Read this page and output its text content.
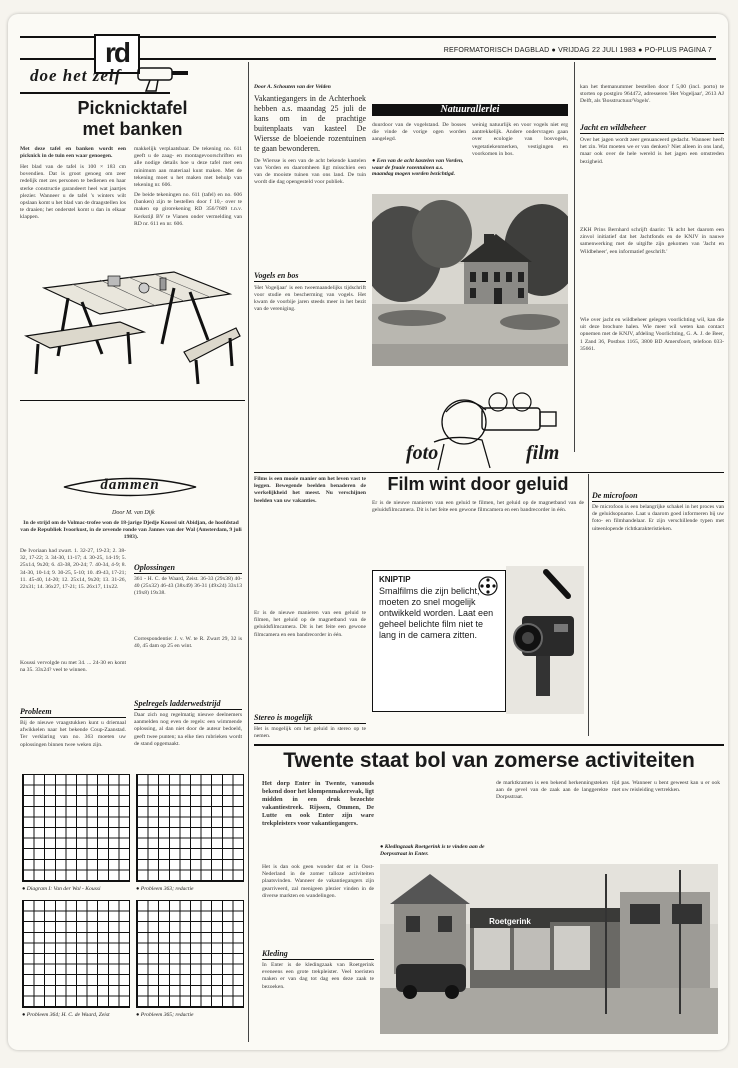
rd	REFORMATORISCH DAGBLAD ● VRIJDAG 22 JULI 1983 ● PO-PLUS PAGINA 7
doe het zelf
Picknicktafel
met banken
Met deze tafel en banken wordt een picknick in de tuin een waar genoegen.
Het blad van de tafel is 100 × 183 cm bovendien. Dat is groot genoeg om zeer redelijk met zes personen te bedienen en haar sterke constructie garandeert heel wat jaartjes plezier. Wanneer u de tafel 's winters wilt opslaan komt u het blad van de draagstellen los te draaien; het onderstel komt u dan in elkaar klappen.
makkelijk verplaatsbaar. De tekening no. 611 geeft u de zaag- en montagevoorschriften en alle nodige details hoe u deze tafel met een minimum aan materiaal kunt maken. Met de tekening moet u het maken met behulp van tekening nr. 606.
De beide tekeningen no. 611 (tafel) en no. 606 (banken) zijn te bestellen door f 10,- over te maken op girorekening RD 356/7609 t.n.v. Kerkstijl BV te Vianen onder vermelding van RD nr. 611 en nr. 606.
dammen
Door M. van Dijk
In de strijd om de Volmac-trofee won de 18-jarige Djedje Koussi uit Abidjan, de hoofdstad van de Republiek Ivoorkust, in de zevende ronde van Jannes van der Wal (Amsterdam, 9 juli 1983).
De Ivoriaan had zwart. 1. 32-27, 19-23; 2. 38-32, 17-22; 3. 34-30, 11-17; 4. 30-25, 14-19; 5. 25x14, 9x20; 6. 43-38, 20-24; 7. 40-34, 4-9; 8. 34-30, 10-14; 9. 30-25, 5-10; 10. 49-43, 17-21; 11. 45-40, 14-20; 12. 25x14, 9x20; 13. 31-26, 22x31; 14. 36x27, 17-21; 15. 26x17, 11x22.
Koussi vervolgde nu met 34. ... 24-30 en komt na 35. 33x24? veel te winnen.
Probleem
Bij de nieuwe vraagstukken kunt u driemaal afwikkelen naar het bekende Coup-Zaanstad. Ter verklaring van no. 363 moeten uw oplossingen binnen twee weken zijn.
Oplossingen
361 - H. C. de Waard, Zeist. 36-33 (29x38) 40-40 (25x32) 46-43 (38x49) 36-31 (49x24) 33x13 (19x8) 19x38.
Correspondentie: J. v. W. te R. Zwart 29, 32 is 40, 45 dam op 25 en wint.
Spelregels ladderwedstrijd
Daar zich nog regelmatig nieuwe deelnemers aanmelden nog even de regels: een wimmende oplossing, al dan niet door de auteur bedoeld, geeft twee punten; na elke tien rubrieken wordt de stand opgemaakt.
● Diagram I: Van der Wal - Koussi	● Probleem 363; redactie
● Probleem 364; H. C. de Waard, Zeist	● Probleem 365; redactie
Door A. Schouten van der Velden
Vakantiegangers in de Achterhoek hebben a.s. maandag 25 juli de kans om in de prachtige buitenplaats van kasteel De Wiersse de bloeiende rozentuinen te gaan bewonderen.
De Wiersse is een van de acht bekende kastelen van Vorden en daaromheen ligt misschien een van de mooiste tuinen van ons land. De tuin wordt die dag opengesteld voor publiek.
Vogels en bos
'Het Vogeljaar' is een tweemaandelijks tijdschrift voor studie en bescherming van vogels. Het kwam de voorbije jaren steeds meer in het bezit van de vereniging.
Natuurallerlei
duurdoor van de vogelstand. De bosses die vinde de vorige ogen worden aangelegd.
● Een van de acht kastelen van Vorden, waar de fraaie rozentuinen a.s. maandag mogen worden bezichtigd.
weinig natuurlijk en voor vogels niet erg aantrekkelijk. Andere ondervragen gaan over ecologie van bosvogels, vegetatiekenmerken, vestigingen en voorkomen in bos.
kan het themanummer bestellen door f 5,00 (incl. porto) te storten op postgiro 964472, adresseren 'Het Vogeljaar', 2613 AJ Delft, als 'Bosstructuur/Vogels'.
Jacht en wildbeheer
Over het jagen wordt zeer genuanceerd gedacht. Wanneer heeft het zin. Wat moeten we er van denken? Niet alleen in ons land, maar ook over de hele wereld is het jagen een omstreden bezigheid.
ZKH Prins Bernhard schrijft daarin: 'Ik acht het daarom een zinvol initiatief dat het Jachtfonds en de KNJV in nauwe samenwerking met de uitgifte zijn gekomen van 'Jacht en Wildbeheer', een informatief geschrift.'
Wie over jacht en wildbeheer gelegen voorlichting wil, kan die uit deze brochure halen. Wie meer wil weten kan contact opnemen met de KNJV, afdeling Voorlichting, G. A. J. de Beer, 1 Zand 36, Postbus 1165, 3800 BD Amersfoort, telefoon 033-35661.
foto	film
Films is een mooie manier om het leven vast te leggen. Bewegende beelden benaderen de werkelijkheid het meest. Nu verschijnen beelden van uw vakanties.
Er is de nieuwe manieren van een geluid te filmen, het geluid op de magnetband van de geluidsfilmcamera. Dit is het feite een gewone filmcamera en een bandrecorder in één.
Stereo is mogelijk
Het is mogelijk om het geluid in stereo op te nemen.
Film wint door geluid
Er is de nieuwe manieren van een geluid te filmen, het geluid op de magnetband van de geluidsfilmcamera. Dit is het feite een gewone filmcamera en een bandrecorder in één.
KNIPTIP
Smalfilms die zijn belicht, moeten zo snel mogelijk ontwikkeld worden. Laat een geheel belichte film niet te lang in de camera zitten.
De microfoon
De microfoon is een belangrijke schakel in het proces van de geluidsopname. Laat u daarom goed informeren bij uw foto- en filmhandelaar. Er zijn verschillende typen met uiteenlopende richtkarakteristieken.
Twente staat bol van zomerse activiteiten
Het dorp Enter in Twente, vanouds bekend door het klompenmakersvak, ligt midden in een druk bezochte vakantiestreek. Rijssen, Ommen, De Lutte en ook Enter zijn ware trekpleisters voor vakantiegangers.
Het is dan ook geen wonder dat er in Oost-Nederland in de zomer talloze activiteiten plaatsvinden. Wanneer de vakantiegangers zijn gearriveerd, zal menigeen plezier vinden in de diverse markten en wandelingen.
Kleding
In Enter is de kledingzaak van Roetgerink eveneens een grote trekpleister. Veel toeristen maken er van dag tot dag een deze zaak te bezoeken.
● Kledingzaak Roetgerink is te vinden aan de Dorpsstraat in Enter.
de marktkramen is een bekend herkenningsteken aan de gevel van de zaak aan de langgerekte Dorpsstraat.
tijd pas. Wanneer u bent geweest kan u er ook met uw reisleiding vertrekken.
Roetgerink
